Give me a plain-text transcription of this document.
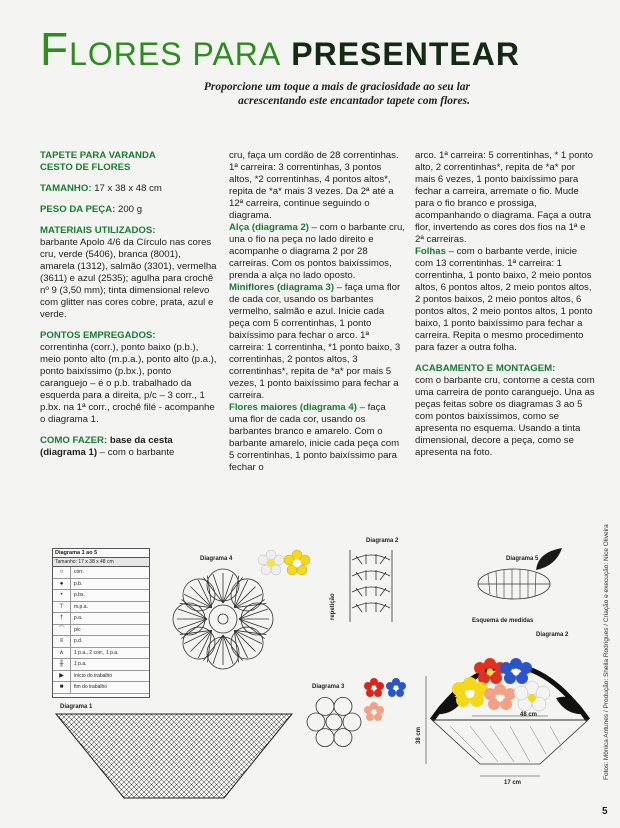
FLORES PARA PRESENTEAR
Proporcione um toque a mais de graciosidade ao seu lar acrescentando este encantador tapete com flores.
TAPETE PARA VARANDA
CESTO DE FLORES
TAMANHO: 17 x 38 x 48 cm
PESO DA PEÇA: 200 g
MATERIAIS UTILIZADOS:
barbante Apolo 4/6 da Círculo nas cores cru, verde (5406), branca (8001), amarela (1312), salmão (3301), vermelha (3611) e azul (2535); agulha para crochê nº 9 (3,50 mm); tinta dimensional relevo com glitter nas cores cobre, prata, azul e verde.
PONTOS EMPREGADOS:
correntinha (corr.), ponto baixo (p.b.), meio ponto alto (m.p.a.), ponto alto (p.a.), ponto baixíssimo (p.bx.), ponto caranguejo – é o p.b. trabalhado da esquerda para a direita, p/c – 3 corr., 1 p.bx. na 1ª corr., crochê filé - acompanhe o diagrama 1.
COMO FAZER: base da cesta (diagrama 1) – com o barbante
cru, faça um cordão de 28 correntinhas. 1ª carreira: 3 correntinhas, 3 pontos altos, *2 correntinhas, 4 pontos altos*, repita de *a* mais 3 vezes. Da 2ª até a 12ª carreira, continue seguindo o diagrama.
Alça (diagrama 2) – com o barbante cru, una o fio na peça no lado direito e acompanhe o diagrama 2 por 28 carreiras. Com os pontos baixíssimos, prenda a alça no lado oposto.
Miniflores (diagrama 3) – faça uma flor de cada cor, usando os barbantes vermelho, salmão e azul. Inicie cada peça com 5 correntinhas, 1 ponto baixíssimo para fechar o arco. 1ª carreira: 1 correntinha, *1 ponto baixo, 3 correntinhas, 2 pontos altos, 3 correntinhas*, repita de *a* por mais 5 vezes, 1 ponto baixíssimo para fechar a carreira.
Flores maiores (diagrama 4) – faça uma flor de cada cor, usando os barbantes branco e amarelo. Com o barbante amarelo, inicie cada peça com 5 correntinhas, 1 ponto baixíssimo para fechar o
arco. 1ª carreira: 5 correntinhas, * 1 ponto alto, 2 correntinhas*, repita de *a* por mais 6 vezes, 1 ponto baixíssimo para fechar a carreira, arremate o fio. Mude para o fio branco e prossiga, acompanhando o diagrama. Faça a outra flor, invertendo as cores dos fios na 1ª e 2ª carreiras.
Folhas – com o barbante verde, inicie com 13 correntinhas. 1ª carreira: 1 correntinha, 1 ponto baixo, 2 meio pontos altos, 6 pontos altos, 2 meio pontos altos, 2 pontos baixos, 2 meio pontos altos, 6 pontos altos, 2 meio pontos altos, 1 ponto baixo, 1 ponto baixíssimo para fechar a carreira. Repita o mesmo procedimento para fazer a outra folha.
ACABAMENTO E MONTAGEM:
com o barbante cru, contorne a cesta com uma carreira de ponto caranguejo. Una as peças feitas sobre os diagramas 3 ao 5 com pontos baixíssimos, como se apresenta no esquema. Usando a tinta dimensional, decore a peça, como se apresenta na foto.
Diagrama 1 ao 5
Tamanho: 17 x 38 x 48 cm
○	corr.
●	p.b.
•	p.bx.
⊤	m.p.a.
†	p.a.
⌒	p/c
≡	p.d.
∧	1 p.a., 2 corr., 1 p.a.
╫	1 p.a.
▶	início do trabalho
■	fim do trabalho
Diagrama 1
Diagrama 4
Diagrama 2
repetição
Diagrama 5
Diagrama 3
Esquema de medidas
Diagrama 2
48 cm
38 cm
17 cm
Fotos: Mônica Antunes / Produção: Sheila Rodrigues / Criação e execução: Nice Oliveira
5
